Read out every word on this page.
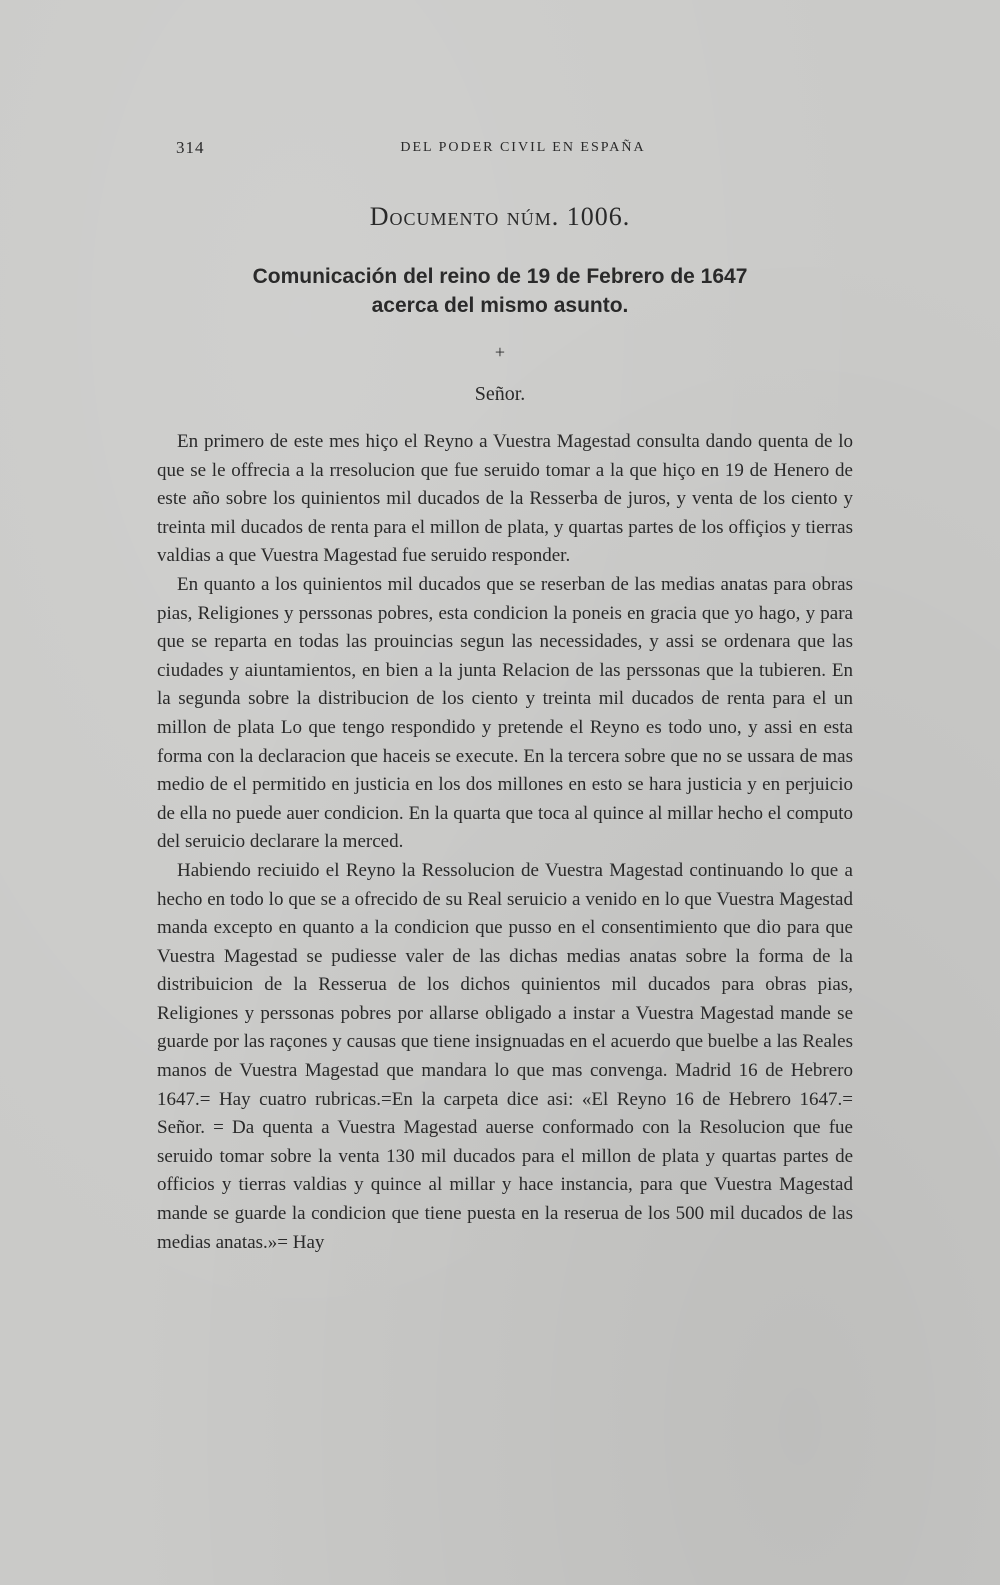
314	DEL PODER CIVIL EN ESPAÑA
Documento núm. 1006.
Comunicación del reino de 19 de Febrero de 1647
acerca del mismo asunto.
+
Señor.

En primero de este mes hiço el Reyno a Vuestra Magestad consulta dando quenta de lo que se le offrecia a la rresolucion que fue seruido tomar a la que hiço en 19 de Henero de este año sobre los quinientos mil ducados de la Resserba de juros, y venta de los ciento y treinta mil ducados de renta para el millon de plata, y quartas partes de los offiçios y tierras valdias a que Vuestra Magestad fue seruido responder.

En quanto a los quinientos mil ducados que se reserban de las medias anatas para obras pias, Religiones y perssonas pobres, esta condicion la poneis en gracia que yo hago, y para que se reparta en todas las prouincias segun las necessidades, y assi se ordenara que las ciudades y aiuntamientos, en bien a la junta Relacion de las perssonas que la tubieren. En la segunda sobre la distribucion de los ciento y treinta mil ducados de renta para el un millon de plata Lo que tengo respondido y pretende el Reyno es todo uno, y assi en esta forma con la declaracion que haceis se execute. En la tercera sobre que no se ussara de mas medio de el permitido en justicia en los dos millones en esto se hara justicia y en perjuicio de ella no puede auer condicion. En la quarta que toca al quince al millar hecho el computo del seruicio declarare la merced.

Habiendo reciuido el Reyno la Ressolucion de Vuestra Magestad continuando lo que a hecho en todo lo que se a ofrecido de su Real seruicio a venido en lo que Vuestra Magestad manda excepto en quanto a la condicion que pusso en el consentimiento que dio para que Vuestra Magestad se pudiesse valer de las dichas medias anatas sobre la forma de la distribuicion de la Resserua de los dichos quinientos mil ducados para obras pias, Religiones y perssonas pobres por allarse obligado a instar a Vuestra Magestad mande se guarde por las raçones y causas que tiene insignuadas en el acuerdo que buelbe a las Reales manos de Vuestra Magestad que mandara lo que mas convenga. Madrid 16 de Hebrero 1647.= Hay cuatro rubricas.=En la carpeta dice asi: «El Reyno 16 de Hebrero 1647.= Señor. = Da quenta a Vuestra Magestad auerse conformado con la Resolucion que fue seruido tomar sobre la venta 130 mil ducados para el millon de plata y quartas partes de officios y tierras valdias y quince al millar y hace instancia, para que Vuestra Magestad mande se guarde la condicion que tiene puesta en la reserua de los 500 mil ducados de las medias anatas.»= Hay
